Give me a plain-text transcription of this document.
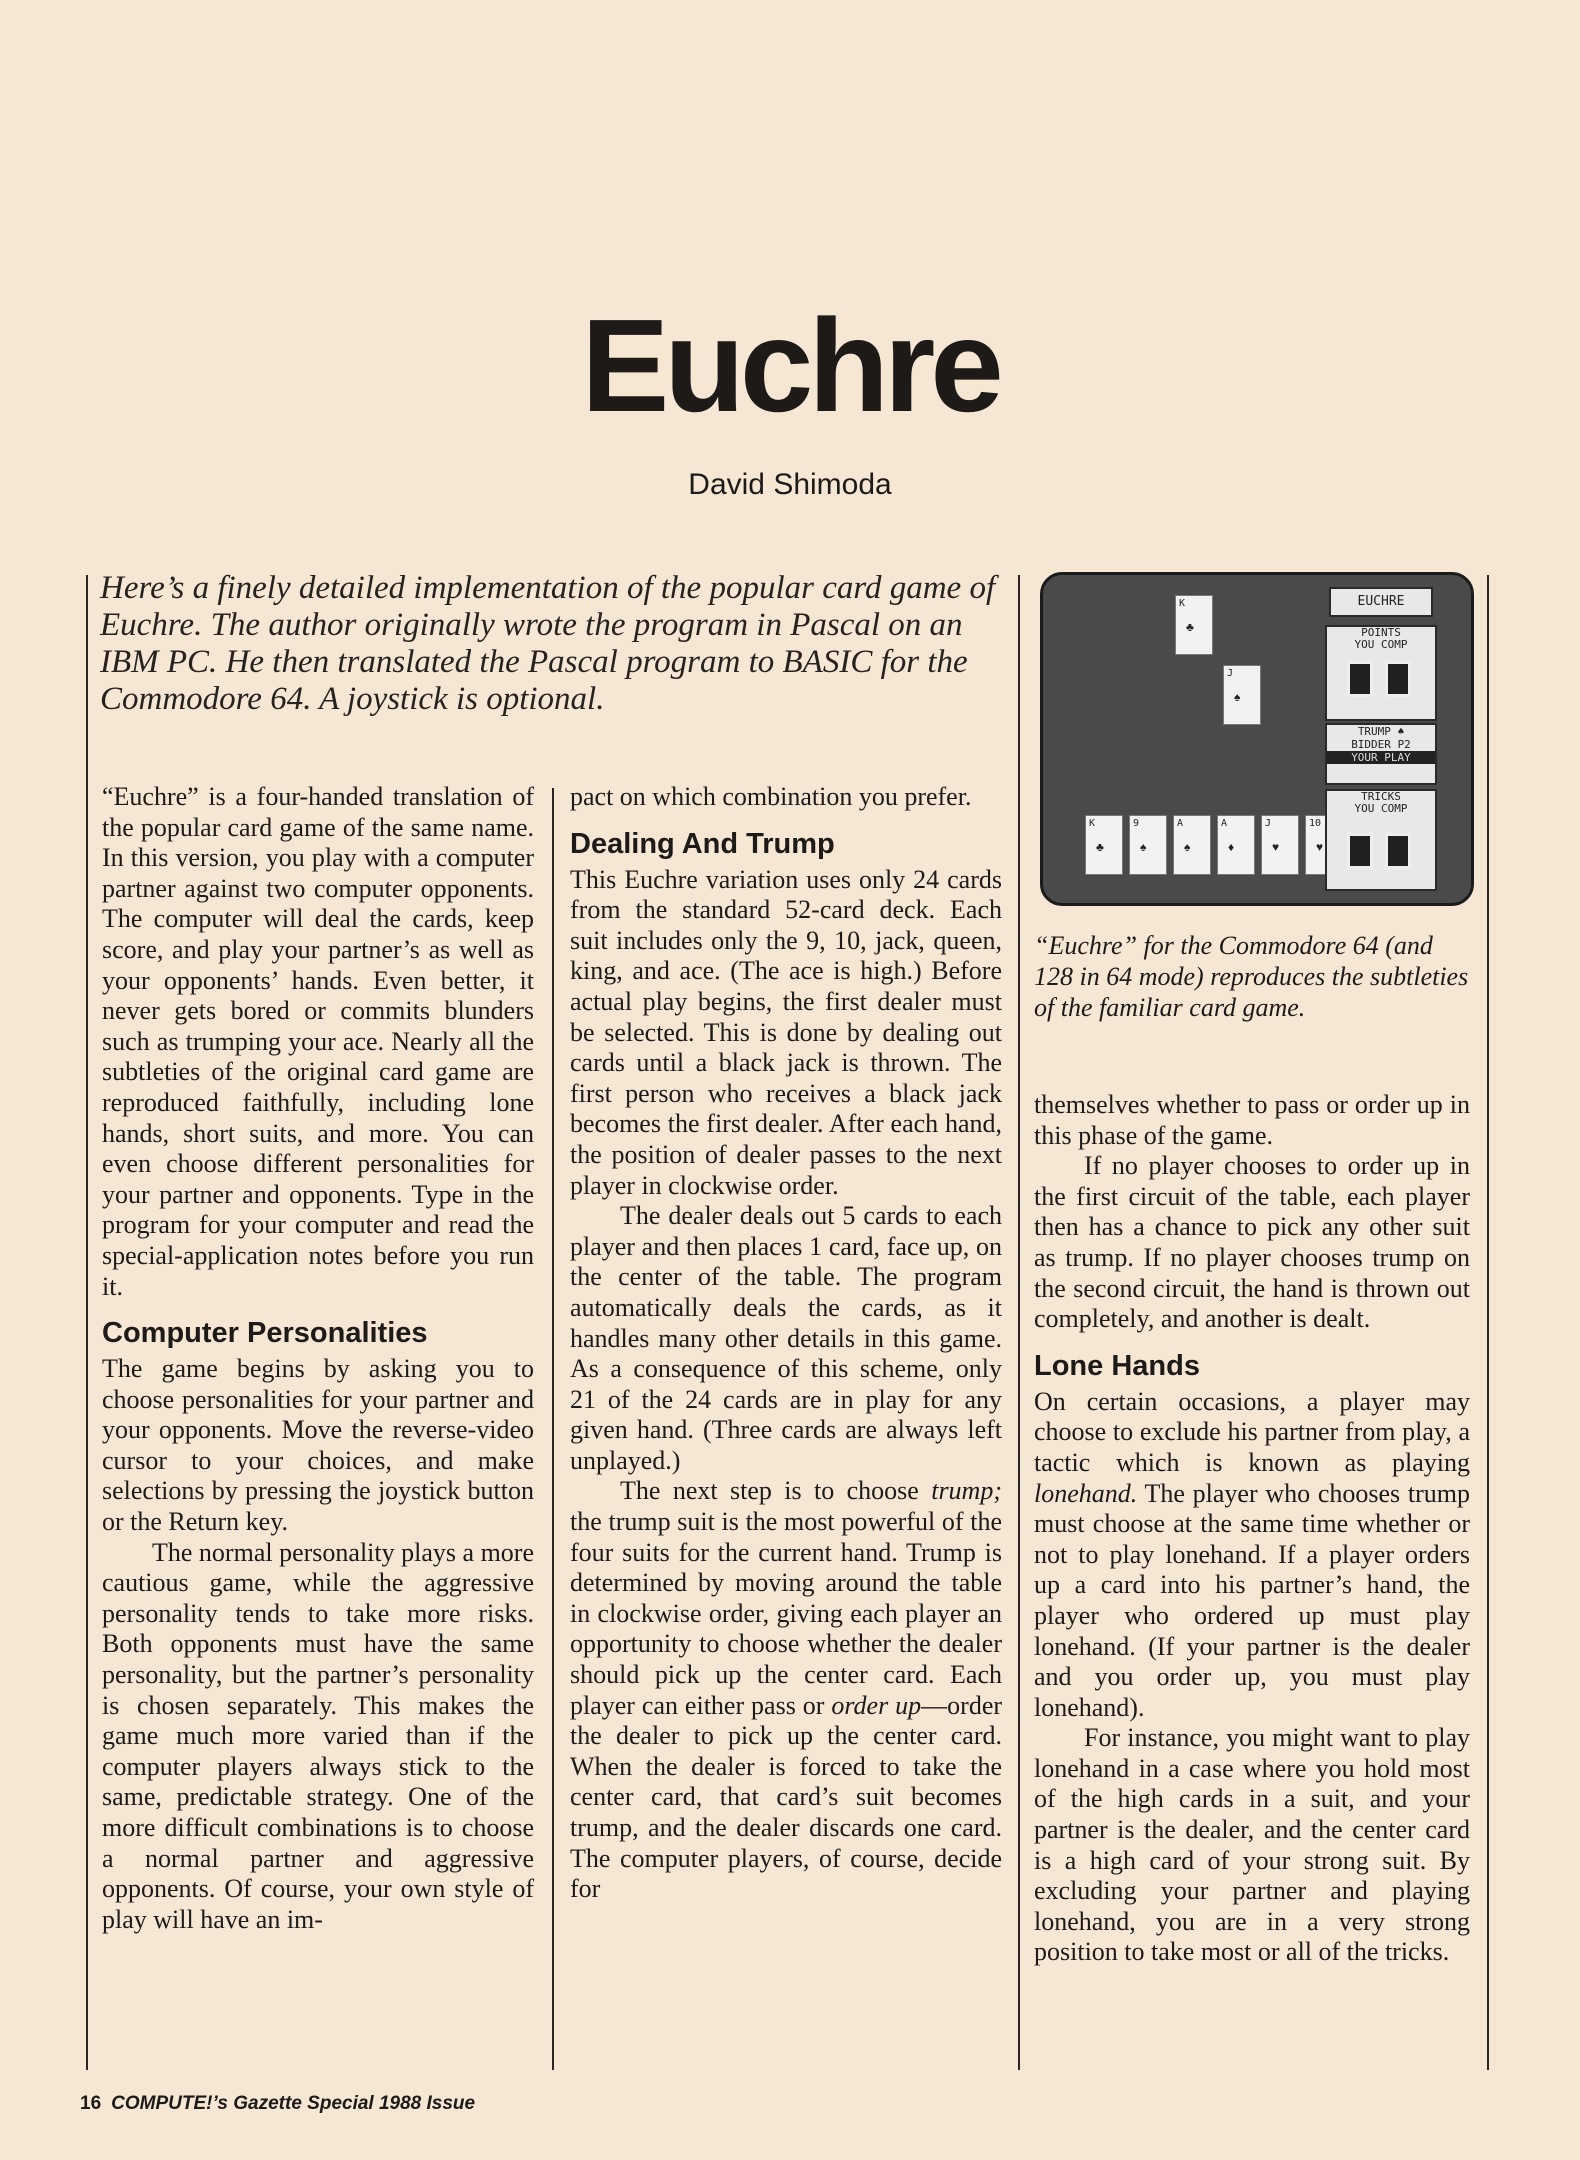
Euchre
David Shimoda
Here’s a finely detailed implementation of the popular card game of Euchre. The author originally wrote the program in Pascal on an IBM PC. He then translated the Pascal program to BASIC for the Commodore 64. A joystick is optional.
K
♣
J
♠
K
♣
9
♠
A
♠
A
♦
J
♥
10
♥
EUCHRE
POINTS
YOU COMP
TRUMP ♠
BIDDER P2
YOUR PLAY
TRICKS
YOU COMP
“Euchre” for the Commodore 64 (and 128 in 64 mode) reproduces the subtleties of the familiar card game.

“Euchre” is a four-handed translation of the popular card game of the same name. In this version, you play with a computer partner against two computer opponents. The computer will deal the cards, keep score, and play your partner’s as well as your opponents’ hands. Even better, it never gets bored or commits blunders such as trumping your ace. Nearly all the subtleties of the original card game are reproduced faithfully, including lone hands, short suits, and more. You can even choose different personalities for your partner and opponents. Type in the program for your computer and read the special-application notes before you run it.

Computer Personalities

The game begins by asking you to choose personalities for your partner and your opponents. Move the reverse-video cursor to your choices, and make selections by pressing the joystick button or the Return key.

The normal personality plays a more cautious game, while the aggressive personality tends to take more risks. Both opponents must have the same personality, but the partner’s personality is chosen separately. This makes the game much more varied than if the computer players always stick to the same, predictable strategy. One of the more difficult combinations is to choose a normal partner and aggressive opponents. Of course, your own style of play will have an im-

pact on which combination you prefer.

Dealing And Trump

This Euchre variation uses only 24 cards from the standard 52-card deck. Each suit includes only the 9, 10, jack, queen, king, and ace. (The ace is high.) Before actual play begins, the first dealer must be selected. This is done by dealing out cards until a black jack is thrown. The first person who receives a black jack becomes the first dealer. After each hand, the position of dealer passes to the next player in clockwise order.

The dealer deals out 5 cards to each player and then places 1 card, face up, on the center of the table. The program automatically deals the cards, as it handles many other details in this game. As a consequence of this scheme, only 21 of the 24 cards are in play for any given hand. (Three cards are always left unplayed.)

The next step is to choose trump; the trump suit is the most powerful of the four suits for the current hand. Trump is determined by moving around the table in clockwise order, giving each player an opportunity to choose whether the dealer should pick up the center card. Each player can either pass or order up—order the dealer to pick up the center card. When the dealer is forced to take the center card, that card’s suit becomes trump, and the dealer discards one card. The computer players, of course, decide for

themselves whether to pass or order up in this phase of the game.

If no player chooses to order up in the first circuit of the table, each player then has a chance to pick any other suit as trump. If no player chooses trump on the second circuit, the hand is thrown out completely, and another is dealt.

Lone Hands

On certain occasions, a player may choose to exclude his partner from play, a tactic which is known as playing lonehand. The player who chooses trump must choose at the same time whether or not to play lonehand. If a player orders up a card into his partner’s hand, the player who ordered up must play lonehand. (If your partner is the dealer and you order up, you must play lonehand).

For instance, you might want to play lonehand in a case where you hold most of the high cards in a suit, and your partner is the dealer, and the center card is a high card of your strong suit. By excluding your partner and playing lonehand, you are in a very strong position to take most or all of the tricks.

16 COMPUTE!’s Gazette Special 1988 Issue
